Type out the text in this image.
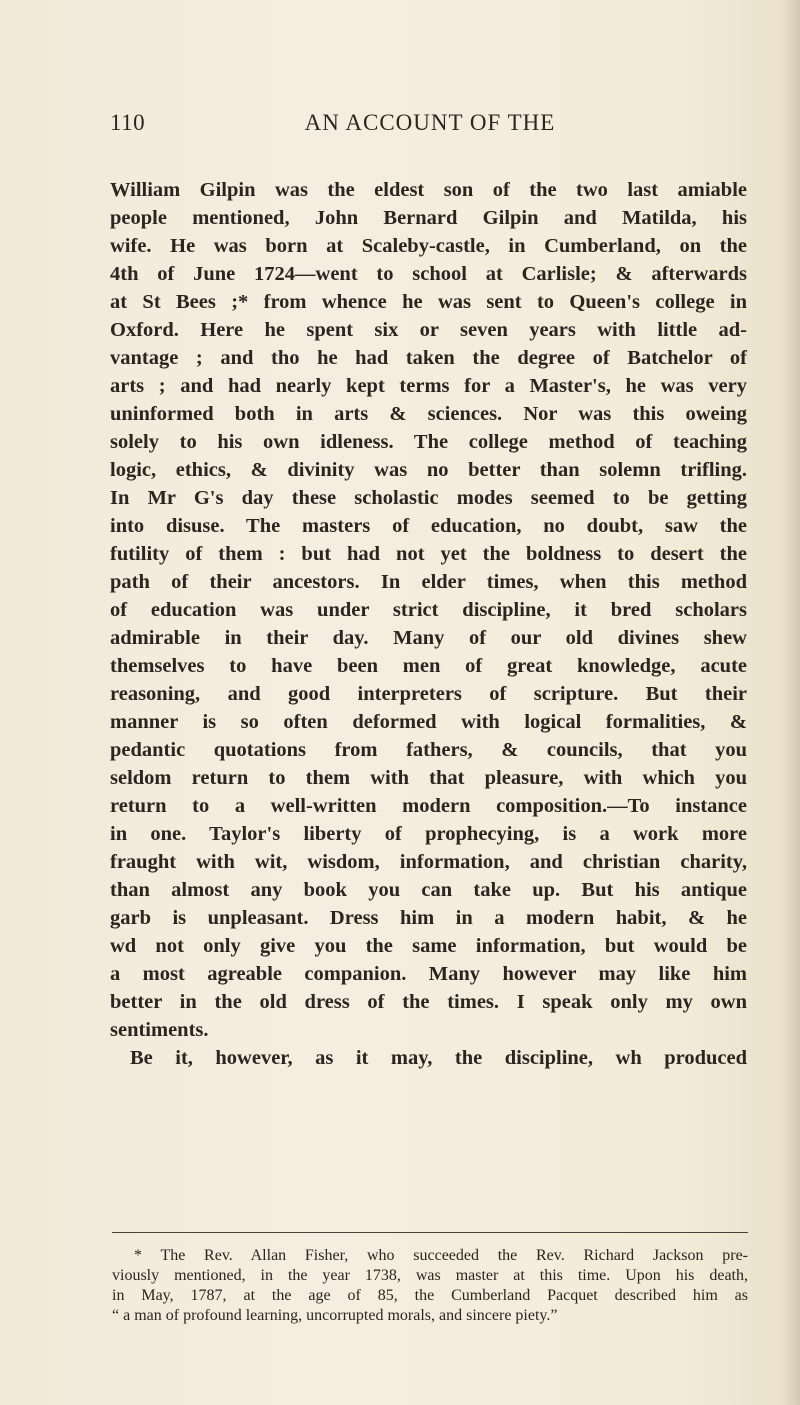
110	AN ACCOUNT OF THE
William Gilpin was the eldest son of the two last amiable
people mentioned, John Bernard Gilpin and Matilda, his
wife. He was born at Scaleby-castle, in Cumberland, on the
4th of June 1724—went to school at Carlisle; & afterwards
at St Bees ;* from whence he was sent to Queen's college in
Oxford. Here he spent six or seven years with little ad-
vantage ; and tho he had taken the degree of Batchelor of
arts ; and had nearly kept terms for a Master's, he was very
uninformed both in arts & sciences. Nor was this oweing
solely to his own idleness. The college method of teaching
logic, ethics, & divinity was no better than solemn trifling.
In Mr G's day these scholastic modes seemed to be getting
into disuse. The masters of education, no doubt, saw the
futility of them : but had not yet the boldness to desert the
path of their ancestors. In elder times, when this method
of education was under strict discipline, it bred scholars
admirable in their day. Many of our old divines shew
themselves to have been men of great knowledge, acute
reasoning, and good interpreters of scripture. But their
manner is so often deformed with logical formalities, &
pedantic quotations from fathers, & councils, that you
seldom return to them with that pleasure, with which you
return to a well-written modern composition.—To instance
in one. Taylor's liberty of prophecying, is a work more
fraught with wit, wisdom, information, and christian charity,
than almost any book you can take up. But his antique
garb is unpleasant. Dress him in a modern habit, & he
wd not only give you the same information, but would be
a most agreable companion. Many however may like him
better in the old dress of the times. I speak only my own
sentiments.
Be it, however, as it may, the discipline, wh produced
* The Rev. Allan Fisher, who succeeded the Rev. Richard Jackson pre-
viously mentioned, in the year 1738, was master at this time. Upon his death,
in May, 1787, at the age of 85, the Cumberland Pacquet described him as
“ a man of profound learning, uncorrupted morals, and sincere piety.”
